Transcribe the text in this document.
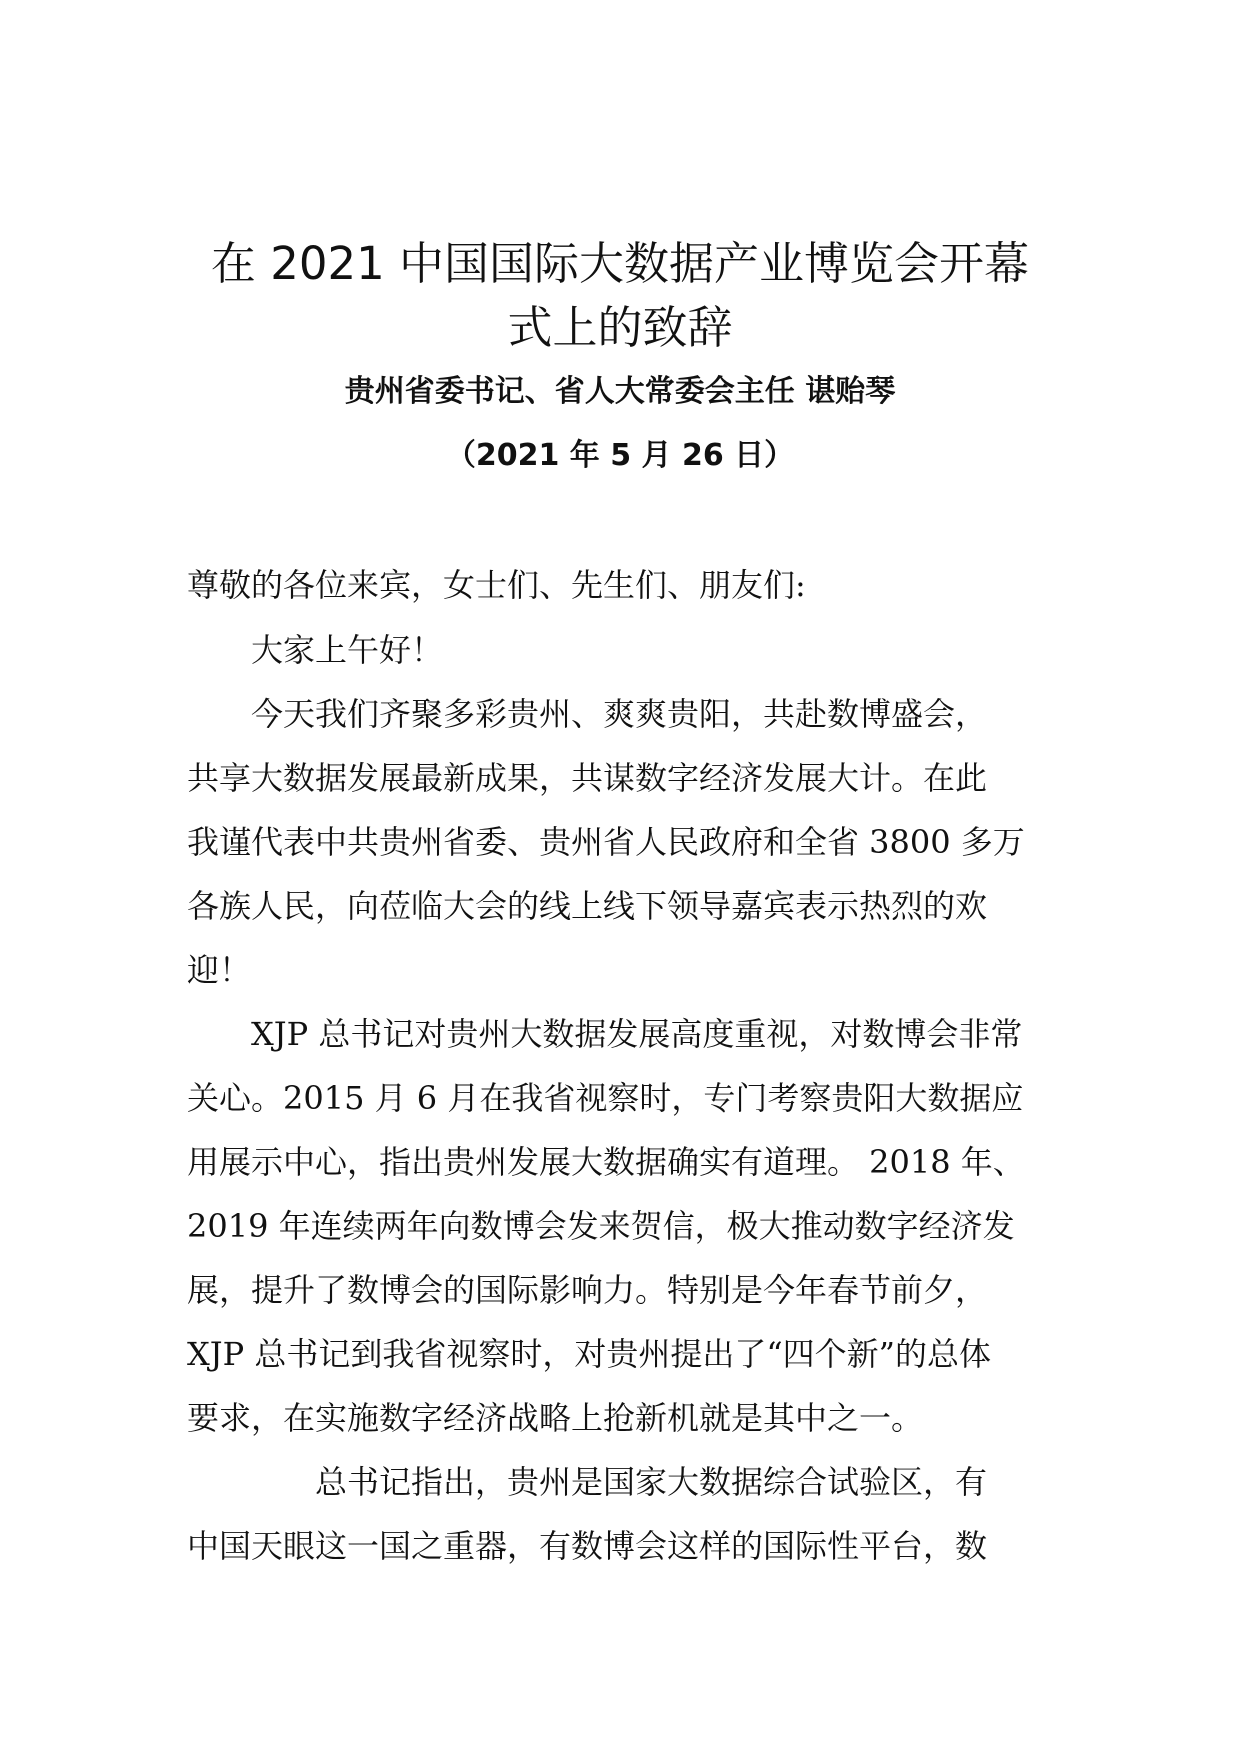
在 2021 中国国际大数据产业博览会开幕
式上的致辞

贵州省委书记、省人大常委会主任 谌贻琴

（2021 年 5 月 26 日）

尊敬的各位来宾，女士们、先生们、朋友们:
　　大家上午好！
　　今天我们齐聚多彩贵州、爽爽贵阳，共赴数博盛会，
共享大数据发展最新成果，共谋数字经济发展大计。在此
我谨代表中共贵州省委、贵州省人民政府和全省 3800 多万
各族人民，向莅临大会的线上线下领导嘉宾表示热烈的欢
迎！
　　XJP 总书记对贵州大数据发展高度重视，对数博会非常
关心。2015 月 6 月在我省视察时，专门考察贵阳大数据应
用展示中心，指出贵州发展大数据确实有道理。 2018 年、
2019 年连续两年向数博会发来贺信，极大推动数字经济发
展，提升了数博会的国际影响力。特别是今年春节前夕，
XJP 总书记到我省视察时，对贵州提出了“四个新”的总体
要求，在实施数字经济战略上抢新机就是其中之一。
　　　　总书记指出，贵州是国家大数据综合试验区，有
中国天眼这一国之重器，有数博会这样的国际性平台，数
